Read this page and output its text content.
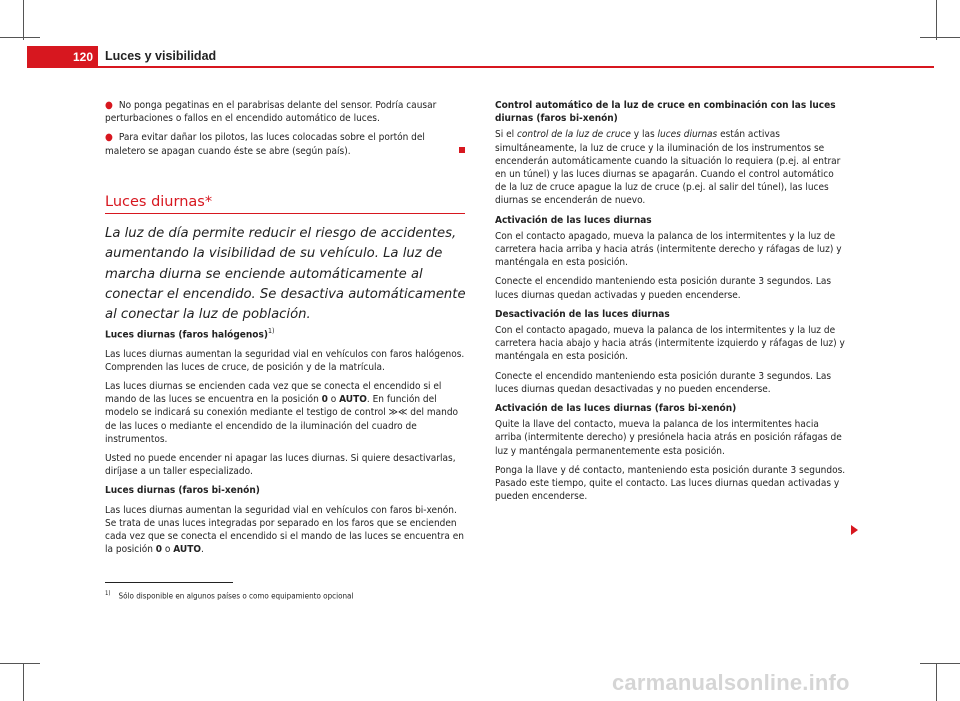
120 Luces y visibilidad

● No ponga pegatinas en el parabrisas delante del sensor. Podría causar perturbaciones o fallos en el encendido automático de luces.

● Para evitar dañar los pilotos, las luces colocadas sobre el portón del maletero se apagan cuando éste se abre (según país).

Luces diurnas*
La luz de día permite reducir el riesgo de accidentes, aumentando la visibilidad de su vehículo. La luz de marcha diurna se enciende automáticamente al conectar el encendido. Se desactiva automáticamente al conectar la luz de población.

Luces diurnas (faros halógenos)$^{1)}$

Las luces diurnas aumentan la seguridad vial en vehículos con faros halógenos. Comprenden las luces de cruce, de posición y de la matrícula.

Las luces diurnas se encienden cada vez que se conecta el encendido si el mando de las luces se encuentra en la posición 0 o AUTO. En función del modelo se indicará su conexión mediante el testigo de control ≫≪ del mando de las luces o mediante el encendido de la iluminación del cuadro de instrumentos.

Usted no puede encender ni apagar las luces diurnas. Si quiere desactivarlas, diríjase a un taller especializado.

Luces diurnas (faros bi-xenón)

Las luces diurnas aumentan la seguridad vial en vehículos con faros bi-xenón. Se trata de unas luces integradas por separado en los faros que se encienden cada vez que se conecta el encendido si el mando de las luces se encuentra en la posición 0 o AUTO.

Control automático de la luz de cruce en combinación con las luces diurnas (faros bi-xenón)

Si el control de la luz de cruce y las luces diurnas están activas simultáneamente, la luz de cruce y la iluminación de los instrumentos se encenderán automáticamente cuando la situación lo requiera (p.ej. al entrar en un túnel) y las luces diurnas se apagarán. Cuando el control automático de la luz de cruce apague la luz de cruce (p.ej. al salir del túnel), las luces diurnas se encenderán de nuevo.

Activación de las luces diurnas

Con el contacto apagado, mueva la palanca de los intermitentes y la luz de carretera hacia arriba y hacia atrás (intermitente derecho y ráfagas de luz) y manténgala en esta posición.

Conecte el encendido manteniendo esta posición durante 3 segundos. Las luces diurnas quedan activadas y pueden encenderse.

Desactivación de las luces diurnas

Con el contacto apagado, mueva la palanca de los intermitentes y la luz de carretera hacia abajo y hacia atrás (intermitente izquierdo y ráfagas de luz) y manténgala en esta posición.

Conecte el encendido manteniendo esta posición durante 3 segundos. Las luces diurnas quedan desactivadas y no pueden encenderse.

Activación de las luces diurnas (faros bi-xenón)

Quite la llave del contacto, mueva la palanca de los intermitentes hacia arriba (intermitente derecho) y presiónela hacia atrás en posición ráfagas de luz y manténgala permanentemente esta posición.

Ponga la llave y dé contacto, manteniendo esta posición durante 3 segundos. Pasado este tiempo, quite el contacto. Las luces diurnas quedan activadas y pueden encenderse.

$^{1)}$ Sólo disponible en algunos países o como equipamiento opcional
carmanualsonline.info
